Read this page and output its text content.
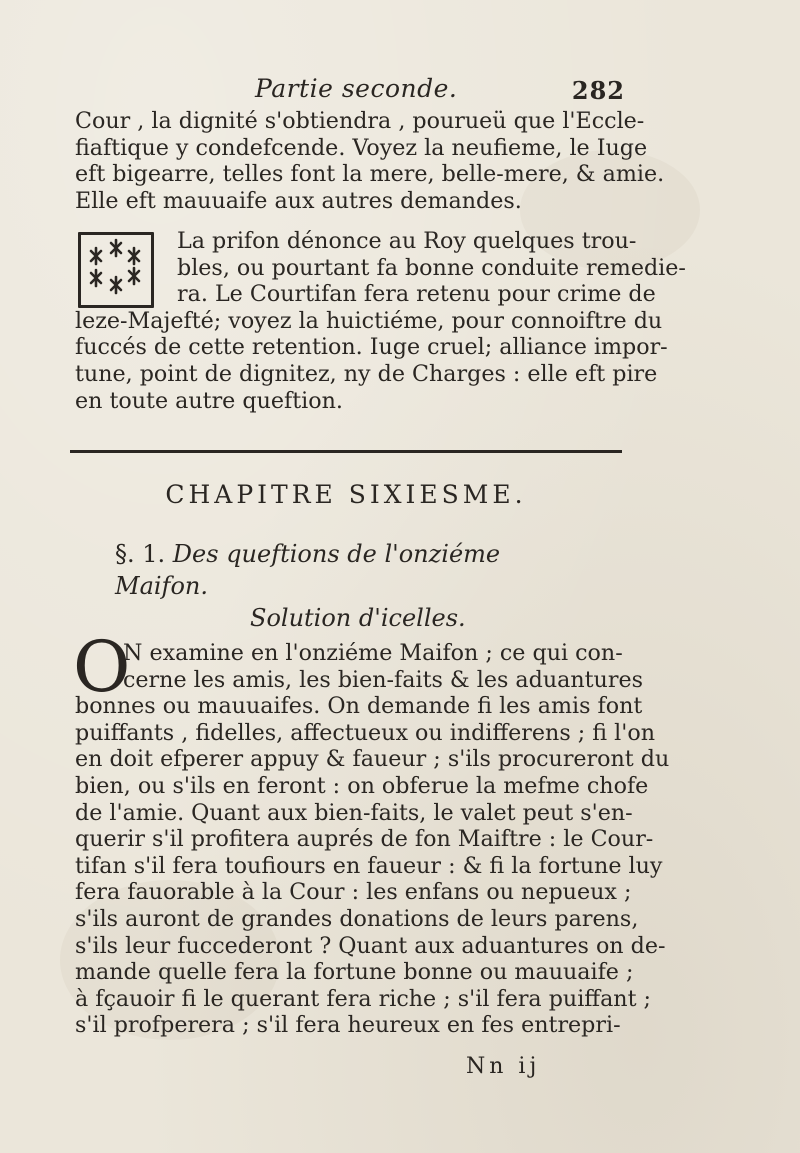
Partie seconde.	282
Cour , la dignité s'obtiendra , pourueü que l'Eccle-
fiaftique y condefcende. Voyez la neufieme, le Iuge
eft bigearre, telles font la mere, belle-mere, & amie.
Elle eft mauuaife aux autres demandes.
La prifon dénonce au Roy quelques trou-
bles, ou pourtant fa bonne conduite remedie-
ra. Le Courtifan fera retenu pour crime de
leze-Majefté; voyez la huictiéme, pour connoiftre du
fuccés de cette retention. Iuge cruel; alliance impor-
tune, point de dignitez, ny de Charges : elle eft pire
en toute autre queftion.
CHAPITRE SIXIESME.
§. 1. Des queftions de l'onziéme Maifon.
Solution d'icelles.
O
N examine en l'onziéme Maifon ; ce qui con-
cerne les amis, les bien-faits & les aduantures
bonnes ou mauuaifes. On demande fi les amis font
puiffants , fidelles, affectueux ou indifferens ; fi l'on
en doit efperer appuy & faueur ; s'ils procureront du
bien, ou s'ils en feront : on obferue la mefme chofe
de l'amie. Quant aux bien-faits, le valet peut s'en-
querir s'il profitera auprés de fon Maiftre : le Cour-
tifan s'il fera toufiours en faueur : & fi la fortune luy
fera fauorable à la Cour : les enfans ou nepueux ;
s'ils auront de grandes donations de leurs parens,
s'ils leur fuccederont ? Quant aux aduantures on de-
mande quelle fera la fortune bonne ou mauuaife ;
à fçauoir fi le querant fera riche ; s'il fera puiffant ;
s'il profperera ; s'il fera heureux en fes entrepri-
Nn ij
